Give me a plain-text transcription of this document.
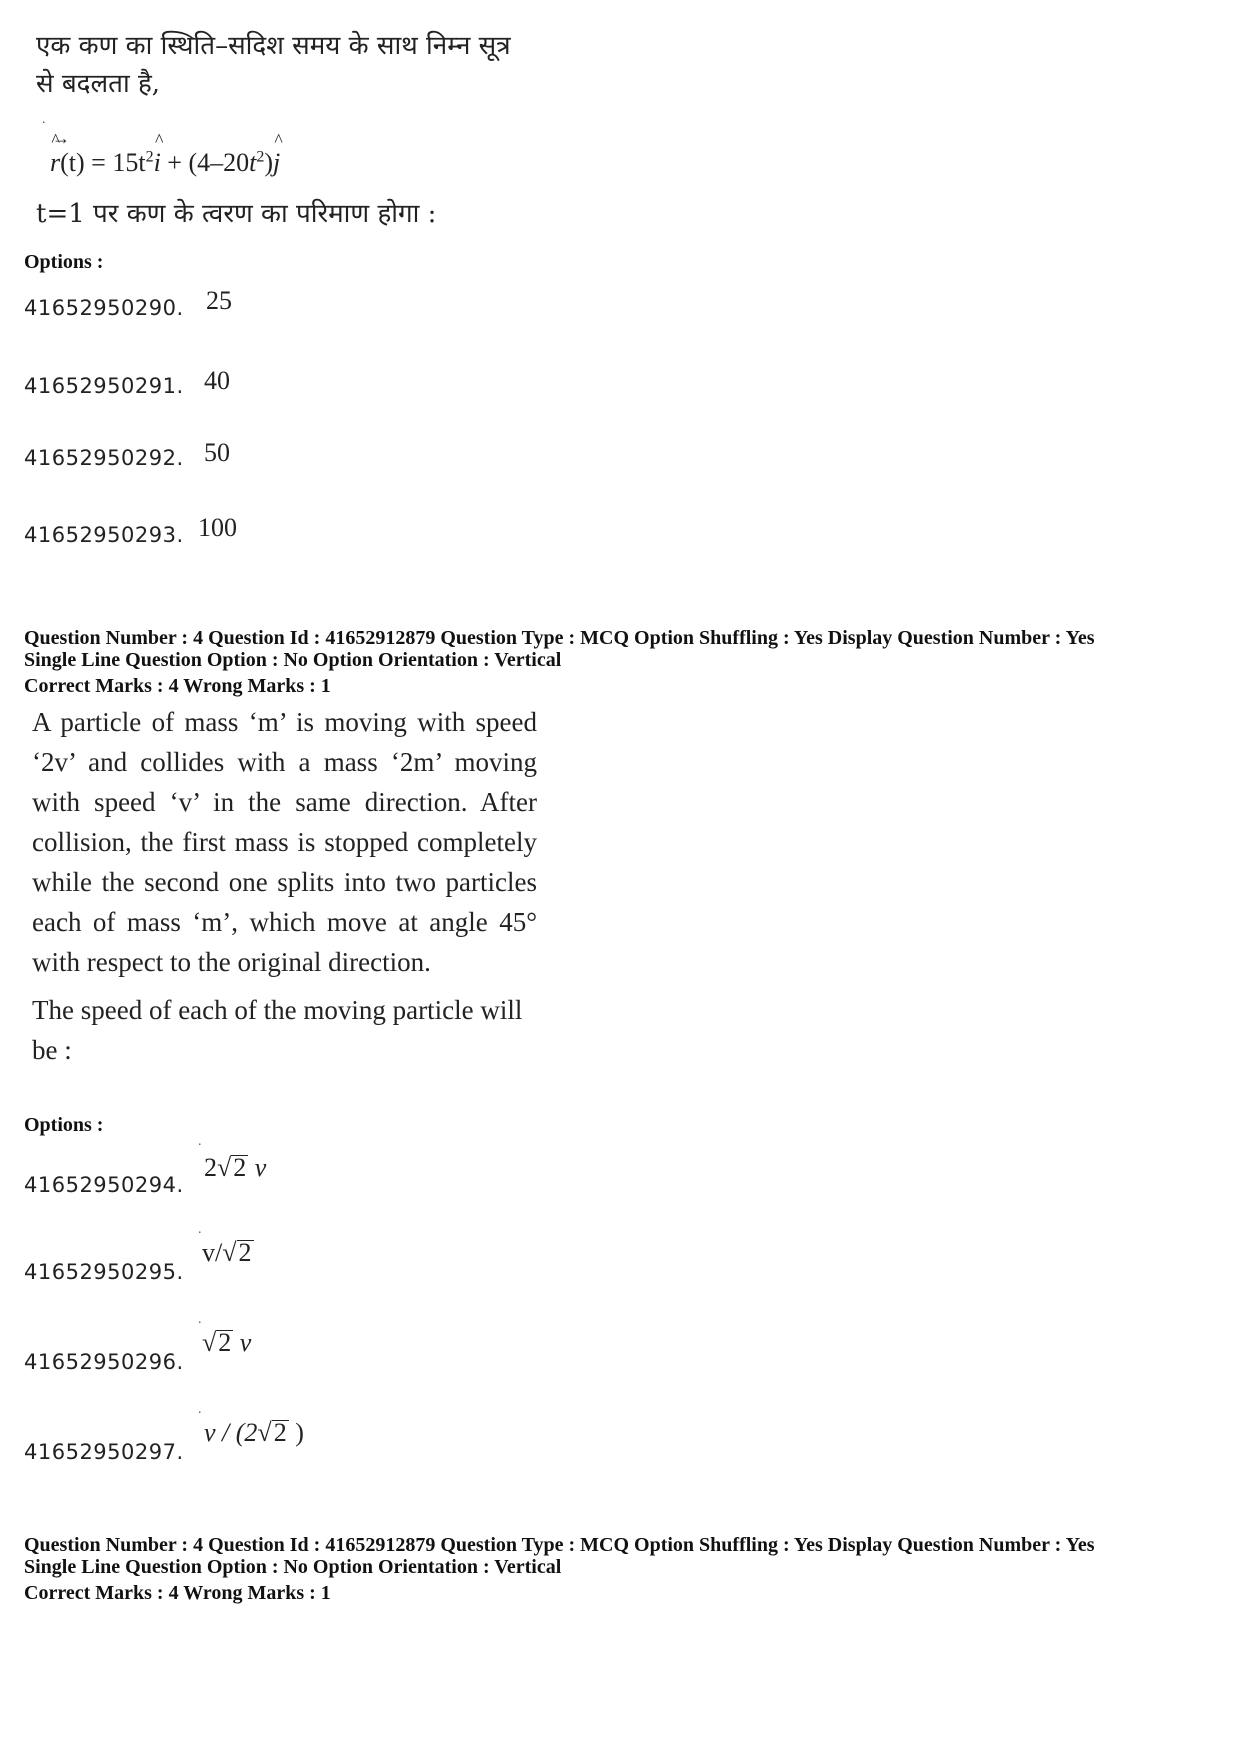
एक कण का स्थिति–सदिश समय के साथ निम्न सूत्र
से बदलता है,
.
^ →
$r(t) = 15t^2\^{}$ $i + (4-20t^2)\^{}$ j
t=1 पर कण के त्वरण का परिमाण होगा :
Options :
41652950290. 25
41652950291. 40
41652950292. 50
41652950293. 100
Question Number : 4 Question Id : 41652912879 Question Type : MCQ Option Shuffling : Yes Display Question Number : Yes
Single Line Question Option : No Option Orientation : Vertical
Correct Marks : 4 Wrong Marks : 1

A particle of mass ‘m’ is moving with speed ‘2v’ and collides with a mass ‘2m’ moving with speed ‘v’ in the same direction. After collision, the first mass is stopped completely while the second one splits into two particles each of mass ‘m’, which move at angle 45° with respect to the original direction.

The speed of each of the moving particle will be :

Options :
.
41652950294.
2√2 v
.
41652950295.
v/√2
.
41652950296.
√2 v
.
41652950297.
v / (2√2 )
Question Number : 4 Question Id : 41652912879 Question Type : MCQ Option Shuffling : Yes Display Question Number : Yes
Single Line Question Option : No Option Orientation : Vertical
Correct Marks : 4 Wrong Marks : 1
